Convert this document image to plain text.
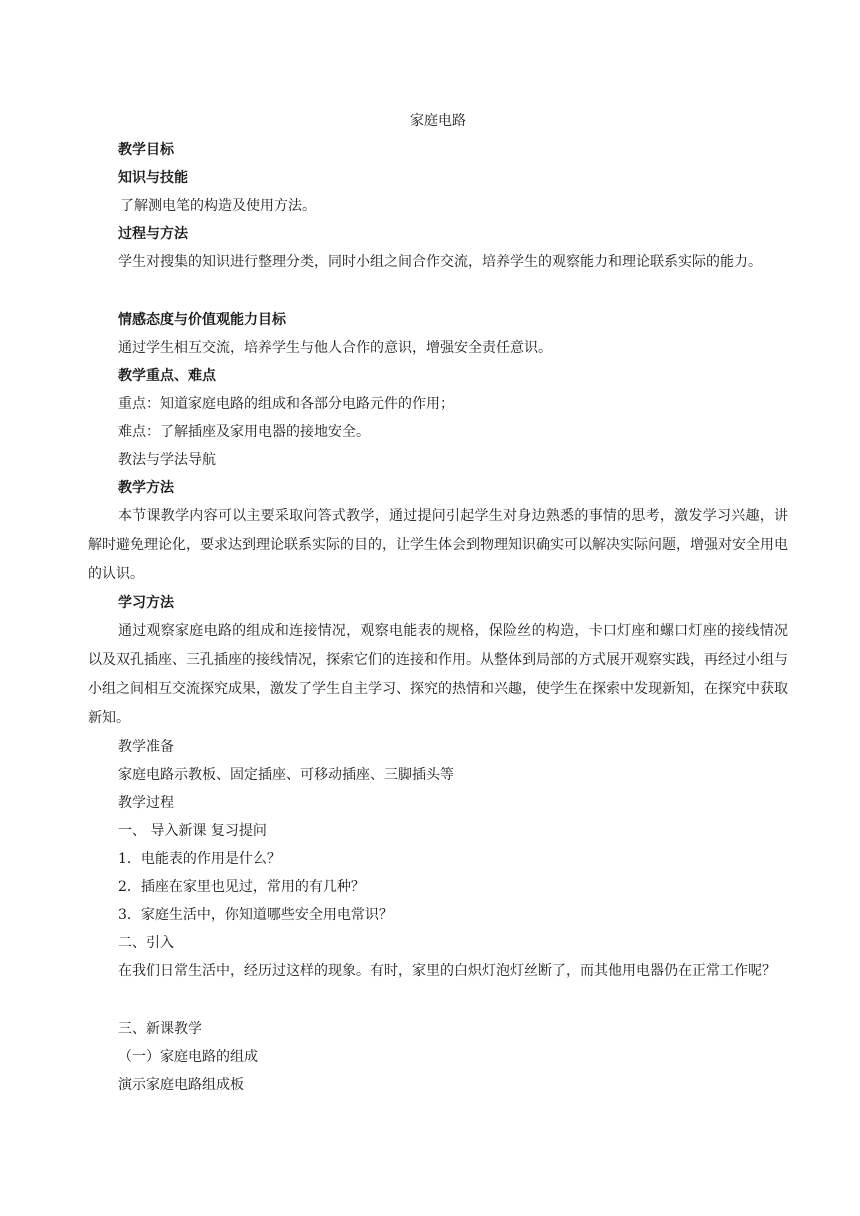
家庭电路
教学目标
知识与技能
了解测电笔的构造及使用方法。
过程与方法

学生对搜集的知识进行整理分类，同时小组之间合作交流，培养学生的观察能力和理论联系实际的能力。

情感态度与价值观能力目标
通过学生相互交流，培养学生与他人合作的意识，增强安全责任意识。
教学重点、难点
重点：知道家庭电路的组成和各部分电路元件的作用；
难点：了解插座及家用电器的接地安全。
教法与学法导航
教学方法

本节课教学内容可以主要采取问答式教学，通过提问引起学生对身边熟悉的事情的思考，激发学习兴趣，讲解时避免理论化，要求达到理论联系实际的目的，让学生体会到物理知识确实可以解决实际问题，增强对安全用电的认识。

学习方法

通过观察家庭电路的组成和连接情况，观察电能表的规格，保险丝的构造，卡口灯座和螺口灯座的接线情况以及双孔插座、三孔插座的接线情况，探索它们的连接和作用。从整体到局部的方式展开观察实践，再经过小组与小组之间相互交流探究成果，激发了学生自主学习、探究的热情和兴趣，使学生在探索中发现新知，在探究中获取新知。

教学准备
家庭电路示教板、固定插座、可移动插座、三脚插头等
教学过程
一、 导入新课 复习提问
1．电能表的作用是什么？
2．插座在家里也见过，常用的有几种？
3．家庭生活中，你知道哪些安全用电常识？
二、引入

在我们日常生活中，经历过这样的现象。有时，家里的白炽灯泡灯丝断了，而其他用电器仍在正常工作呢？

三、新课教学
（一）家庭电路的组成
演示家庭电路组成板
